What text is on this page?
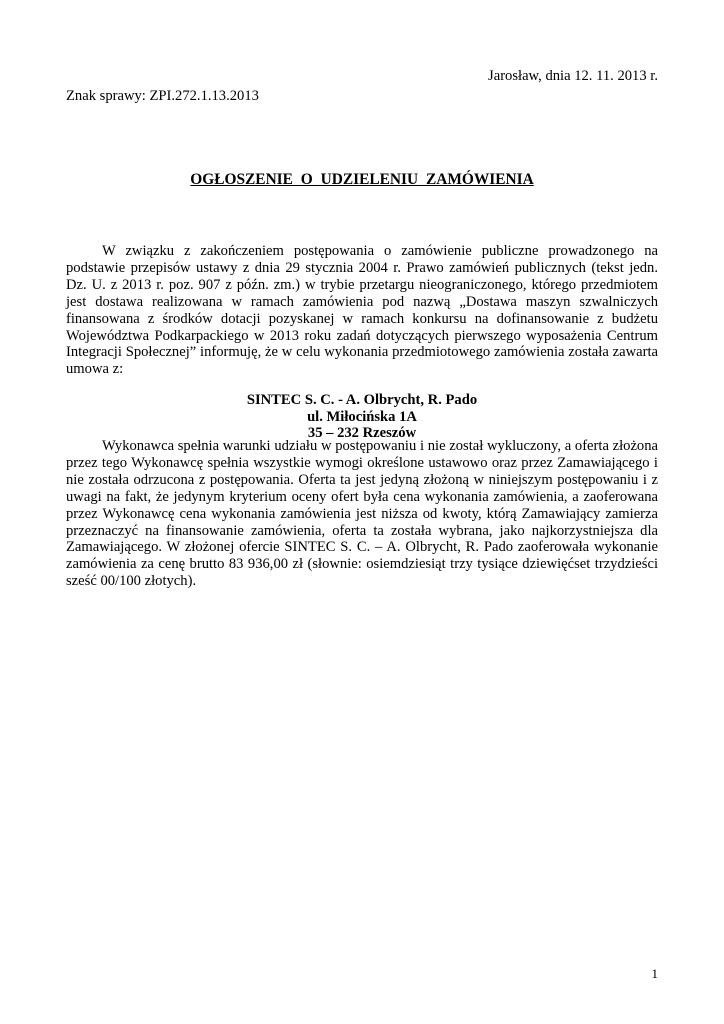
Jarosław, dnia 12. 11. 2013 r.
Znak sprawy: ZPI.272.1.13.2013
OGŁOSZENIE O UDZIELENIU ZAMÓWIENIA
W związku z zakończeniem postępowania o zamówienie publiczne prowadzonego na podstawie przepisów ustawy z dnia 29 stycznia 2004 r. Prawo zamówień publicznych (tekst jedn. Dz. U. z 2013 r. poz. 907 z późn. zm.) w trybie przetargu nieograniczonego, którego przedmiotem jest dostawa realizowana w ramach zamówienia pod nazwą „Dostawa maszyn szwalniczych finansowana z środków dotacji pozyskanej w ramach konkursu na dofinansowanie z budżetu Województwa Podkarpackiego w 2013 roku zadań dotyczących pierwszego wyposażenia Centrum Integracji Społecznej” informuję, że w celu wykonania przedmiotowego zamówienia została zawarta umowa z:
SINTEC S. C. - A. Olbrycht, R. Pado
ul. Miłocińska 1A
35 – 232 Rzeszów
Wykonawca spełnia warunki udziału w postępowaniu i nie został wykluczony, a oferta złożona przez tego Wykonawcę spełnia wszystkie wymogi określone ustawowo oraz przez Zamawiającego i nie została odrzucona z postępowania. Oferta ta jest jedyną złożoną w niniejszym postępowaniu i z uwagi na fakt, że jedynym kryterium oceny ofert była cena wykonania zamówienia, a zaoferowana przez Wykonawcę cena wykonania zamówienia jest niższa od kwoty, którą Zamawiający zamierza przeznaczyć na finansowanie zamówienia, oferta ta została wybrana, jako najkorzystniejsza dla Zamawiającego. W złożonej ofercie SINTEC S. C. – A. Olbrycht, R. Pado zaoferowała wykonanie zamówienia za cenę brutto 83 936,00 zł (słownie: osiemdziesiąt trzy tysiące dziewięćset trzydzieści sześć 00/100 złotych).
1
